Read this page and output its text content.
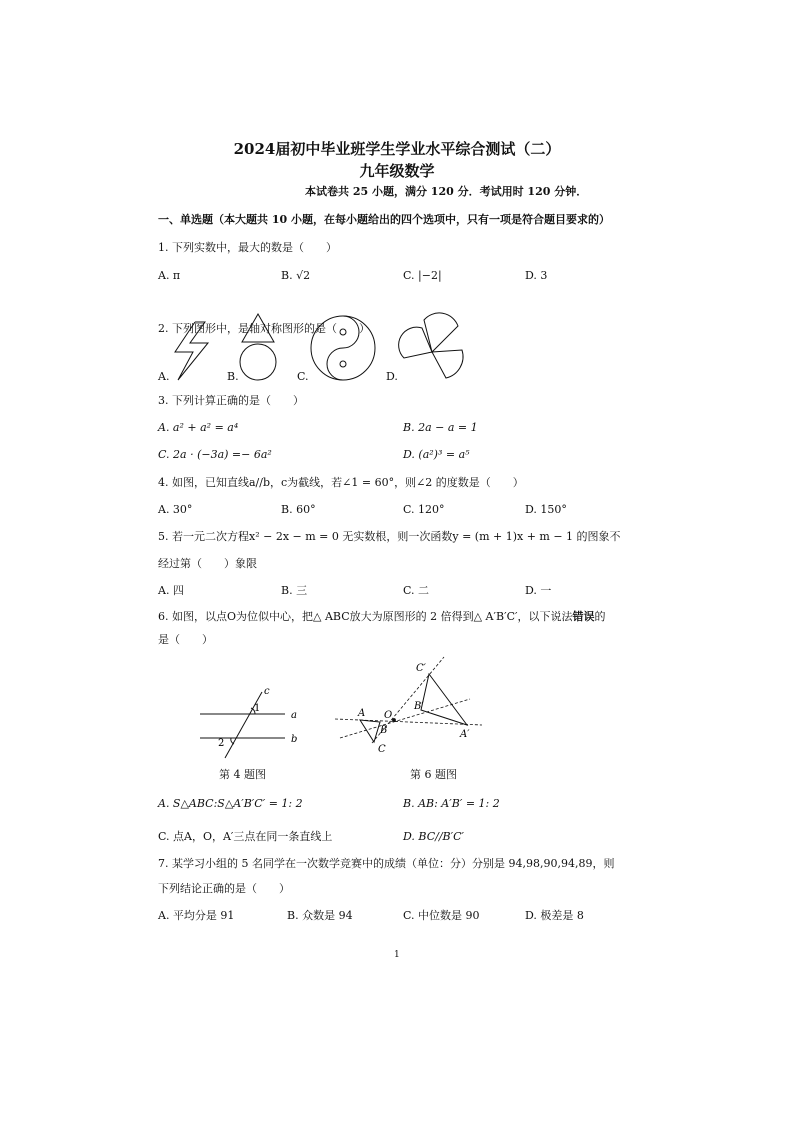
2024届初中毕业班学生学业水平综合测试（二）
九年级数学
本试卷共 25 小题，满分 120 分．考试用时 120 分钟．
一、单选题（本大题共 10 小题，在每小题给出的四个选项中，只有一项是符合题目要求的）
1. 下列实数中，最大的数是（　　）
A. π	B. √2	C. |−2|	D. 3
2. 下列图形中，是轴对称图形的是（　　）
A.	B.	C.	D.
3. 下列计算正确的是（　　）
A. a² + a² = a⁴	B. 2a − a = 1
C. 2a · (−3a) =− 6a²	D. (a²)³ = a⁵
4. 如图，已知直线a//b，c为截线，若∠1 = 60°，则∠2 的度数是（　　）
A. 30°	B. 60°	C. 120°	D. 150°
5. 若一元二次方程x² − 2x − m = 0 无实数根，则一次函数y = (m + 1)x + m − 1 的图象不
经过第（　　）象限
A. 四	B. 三	C. 二	D. 一
6. 如图，以点O为位似中心，把△ ABC放大为原图形的 2 倍得到△ A′B′C′，以下说法错误的
是（　　）
c
1
a
2	b
A
B
C
O
A′
B′
C′
第 4 题图	第 6 题图
A. S△ABC:S△A′B′C′ = 1: 2	B. AB: A′B′ = 1: 2
C. 点A，O，A′三点在同一条直线上	D. BC//B′C′
7. 某学习小组的 5 名同学在一次数学竞赛中的成绩（单位：分）分别是 94,98,90,94,89，则
下列结论正确的是（　　）
A. 平均分是 91	B. 众数是 94	C. 中位数是 90	D. 极差是 8
1
